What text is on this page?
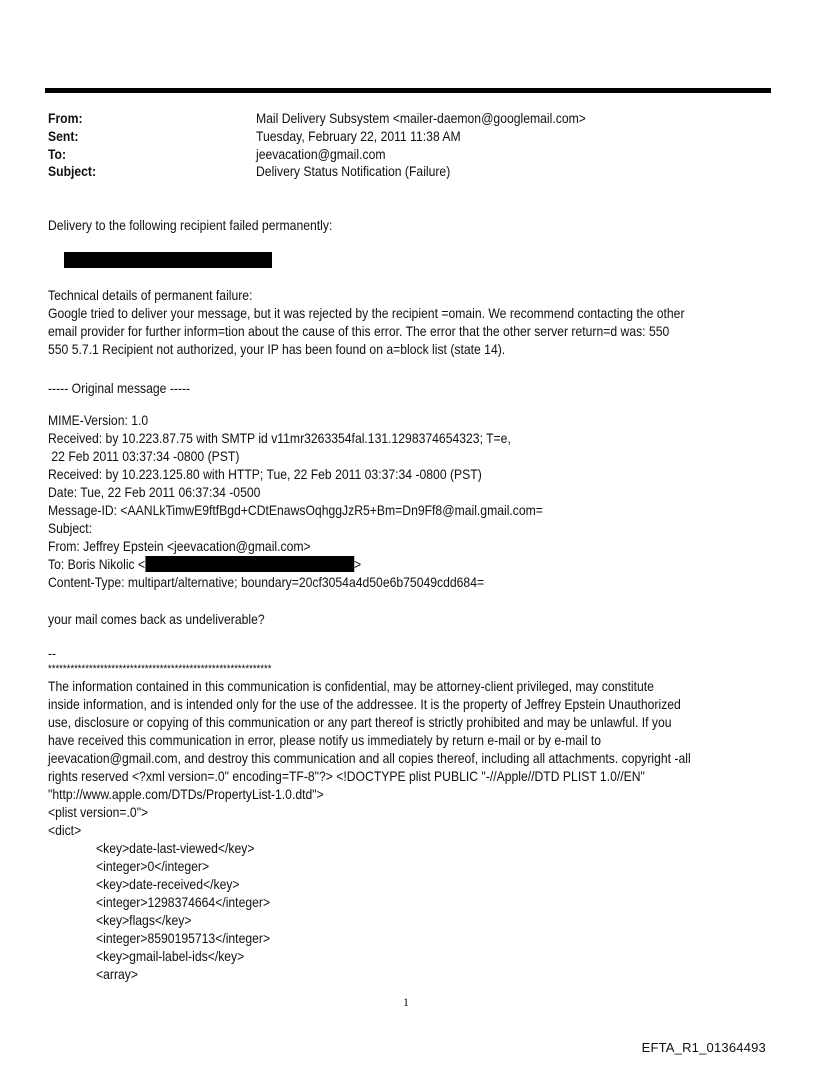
From:	Mail Delivery Subsystem <mailer-daemon@googlemail.com>
Sent:	Tuesday, February 22, 2011 11:38 AM
To:	jeevacation@gmail.com
Subject:	Delivery Status Notification (Failure)
Delivery to the following recipient failed permanently:
Technical details of permanent failure:
Google tried to deliver your message, but it was rejected by the recipient =omain. We recommend contacting the other
email provider for further inform=tion about the cause of this error. The error that the other server return=d was: 550
550 5.7.1 Recipient not authorized, your IP has been found on a=block list (state 14).
----- Original message -----
MIME-Version: 1.0
Received: by 10.223.87.75 with SMTP id v11mr3263354fal.131.1298374654323; T=e,
22 Feb 2011 03:37:34 -0800 (PST)
Received: by 10.223.125.80 with HTTP; Tue, 22 Feb 2011 03:37:34 -0800 (PST)
Date: Tue, 22 Feb 2011 06:37:34 -0500
Message-ID: <AANLkTimwE9ftfBgd+CDtEnawsOqhggJzR5+Bm=Dn9Ff8@mail.gmail.com=
Subject:
From: Jeffrey Epstein <jeevacation@gmail.com>
To: Boris Nikolic <	>
Content-Type: multipart/alternative; boundary=20cf3054a4d50e6b75049cdd684=
your mail comes back as undeliverable?
--
************************************************************
The information contained in this communication is confidential, may be attorney-client privileged, may constitute
inside information, and is intended only for the use of the addressee. It is the property of Jeffrey Epstein Unauthorized
use, disclosure or copying of this communication or any part thereof is strictly prohibited and may be unlawful. If you
have received this communication in error, please notify us immediately by return e-mail or by e-mail to
jeevacation@gmail.com, and destroy this communication and all copies thereof, including all attachments. copyright -all
rights reserved <?xml version=.0" encoding=TF-8"?> <!DOCTYPE plist PUBLIC "-//Apple//DTD PLIST 1.0//EN"
"http://www.apple.com/DTDs/PropertyList-1.0.dtd">
<plist version=.0">
<dict>
<key>date-last-viewed</key>
<integer>0</integer>
<key>date-received</key>
<integer>1298374664</integer>
<key>flags</key>
<integer>8590195713</integer>
<key>gmail-label-ids</key>
<array>
1
EFTA_R1_01364493
